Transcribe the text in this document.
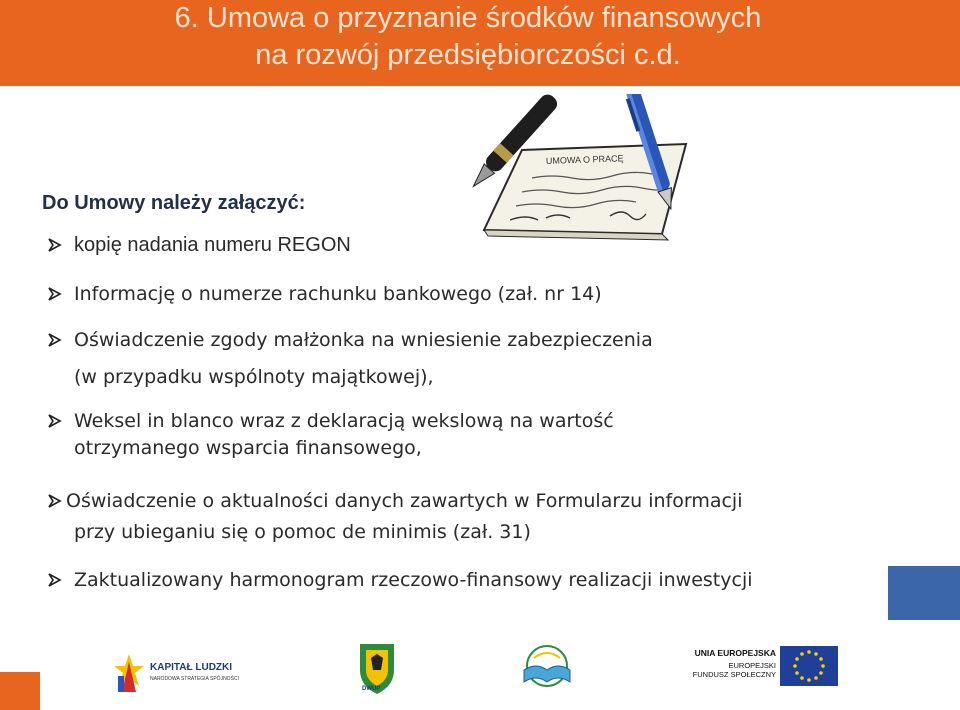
6. Umowa o przyznanie środków finansowych
na rozwój przedsiębiorczości c.d.
UMOWA O PRACĘ
Do Umowy należy załączyć:
kopię nadania numeru REGON
Informację o numerze rachunku bankowego (zał. nr 14)
Oświadczenie zgody małżonka na wniesienie zabezpieczenia
(w przypadku wspólnoty majątkowej),
Weksel in blanco wraz z deklaracją wekslową na wartość
otrzymanego wsparcia finansowego,
Oświadczenie o aktualności danych zawartych w Formularzu informacji
przy ubieganiu się o pomoc de minimis (zał. 31)
Zaktualizowany harmonogram rzeczowo-finansowy realizacji inwestycji
KAPITAŁ LUDZKI
NARODOWA STRATEGIA SPÓJNOŚCI
DWUP
UNIA EUROPEJSKA
EUROPEJSKI
FUNDUSZ SPOŁECZNY
